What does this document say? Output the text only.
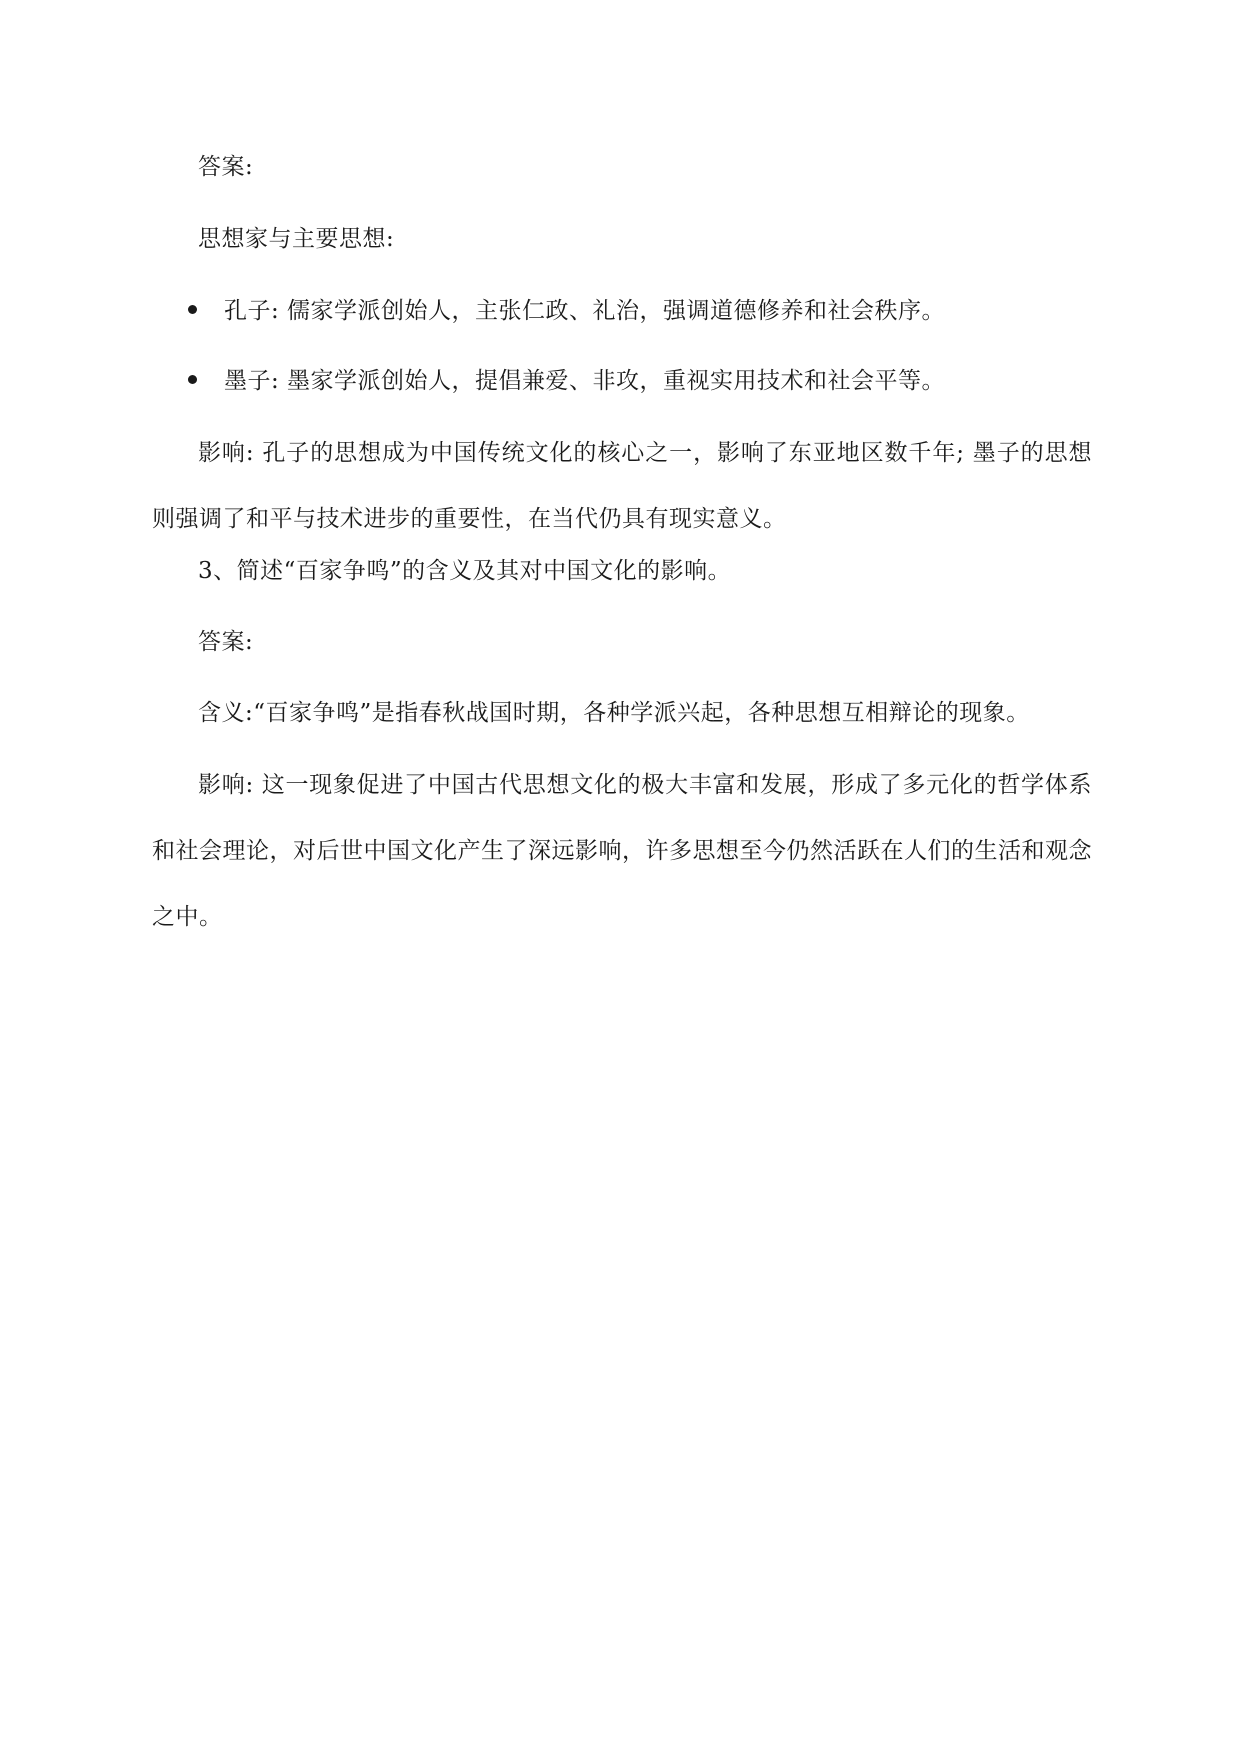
答案:
思想家与主要思想:
孔子: 儒家学派创始人，主张仁政、礼治，强调道德修养和社会秩序。
墨子: 墨家学派创始人，提倡兼爱、非攻，重视实用技术和社会平等。
影响: 孔子的思想成为中国传统文化的核心之一，影响了东亚地区数千年; 墨子的思想则强调了和平与技术进步的重要性，在当代仍具有现实意义。
3、简述“百家争鸣”的含义及其对中国文化的影响。
答案:
含义:“百家争鸣”是指春秋战国时期，各种学派兴起，各种思想互相辩论的现象。
影响: 这一现象促进了中国古代思想文化的极大丰富和发展，形成了多元化的哲学体系和社会理论，对后世中国文化产生了深远影响，许多思想至今仍然活跃在人们的生活和观念之中。
